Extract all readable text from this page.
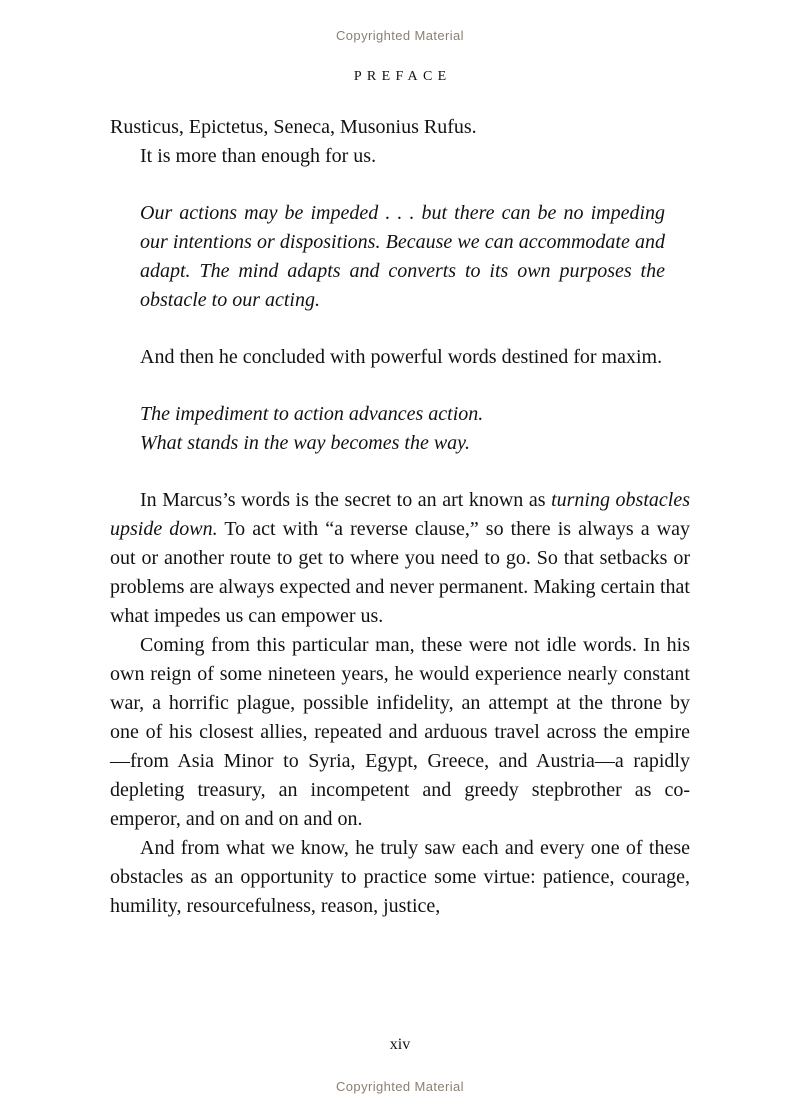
Copyrighted Material
PREFACE

Rusticus, Epictetus, Seneca, Musonius Rufus.

It is more than enough for us.

Our actions may be impeded . . . but there can be no impeding our intentions or dispositions. Because we can accommodate and adapt. The mind adapts and converts to its own purposes the obstacle to our acting.

And then he concluded with powerful words destined for maxim.

The impediment to action advances action.
What stands in the way becomes the way.

In Marcus’s words is the secret to an art known as turning obstacles upside down. To act with “a reverse clause,” so there is always a way out or another route to get to where you need to go. So that setbacks or problems are always expected and never permanent. Making certain that what impedes us can empower us.

Coming from this particular man, these were not idle words. In his own reign of some nineteen years, he would experience nearly constant war, a horrific plague, possible infidelity, an attempt at the throne by one of his closest allies, repeated and arduous travel across the empire—from Asia Minor to Syria, Egypt, Greece, and Austria—a rapidly depleting treasury, an incompetent and greedy stepbrother as co-emperor, and on and on and on.

And from what we know, he truly saw each and every one of these obstacles as an opportunity to practice some virtue: patience, courage, humility, resourcefulness, reason, justice,

xiv
Copyrighted Material
